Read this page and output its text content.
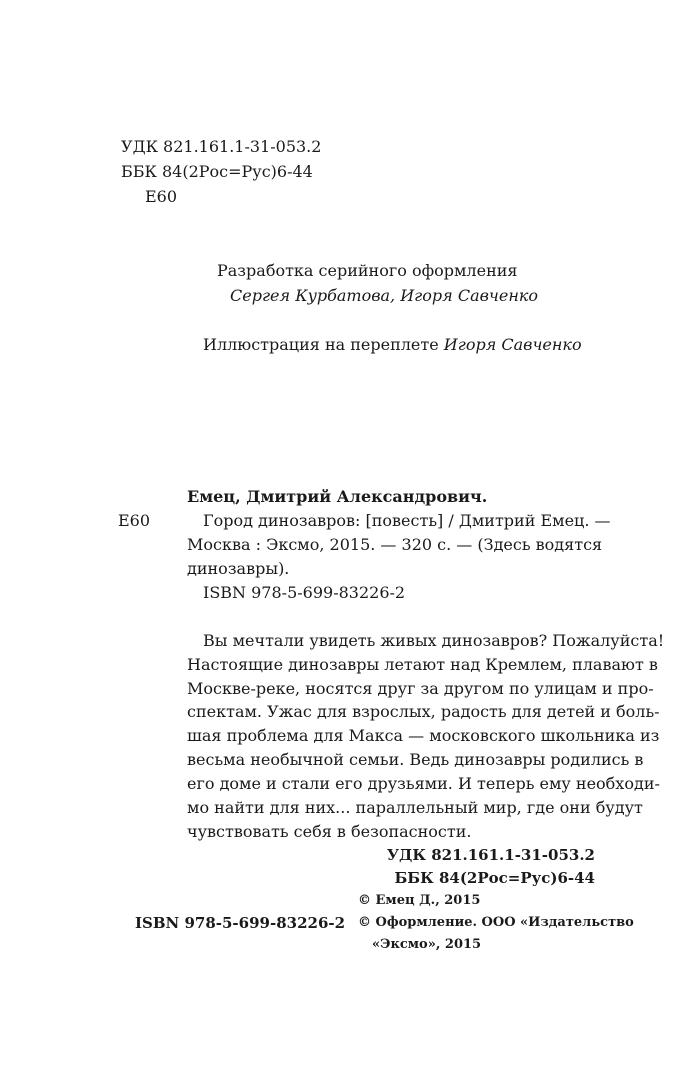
УДК 821.161.1-31-053.2
ББК 84(2Рос=Рус)6-44
Е60
Разработка серийного оформления
Сергея Курбатова, Игоря Савченко
Иллюстрация на переплете Игоря Савченко
Емец, Дмитрий Александрович.
Е60	Город динозавров: [повесть] / Дмитрий Емец. —
Москва : Эксмо, 2015. — 320 с. — (Здесь водятся
динозавры).
ISBN 978-5-699-83226-2
Вы мечтали увидеть живых динозавров? Пожалуйста!
Настоящие динозавры летают над Кремлем, плавают в
Москве-реке, носятся друг за другом по улицам и про-
спектам. Ужас для взрослых, радость для детей и боль-
шая проблема для Макса — московского школьника из
весьма необычной семьи. Ведь динозавры родились в
его доме и стали его друзьями. И теперь ему необходи-
мо найти для них... параллельный мир, где они будут
чувствовать себя в безопасности.
УДК 821.161.1-31-053.2
ББК 84(2Рос=Рус)6-44
© Емец Д., 2015
ISBN 978-5-699-83226-2 © Оформление. ООО «Издательство
«Эксмо», 2015
